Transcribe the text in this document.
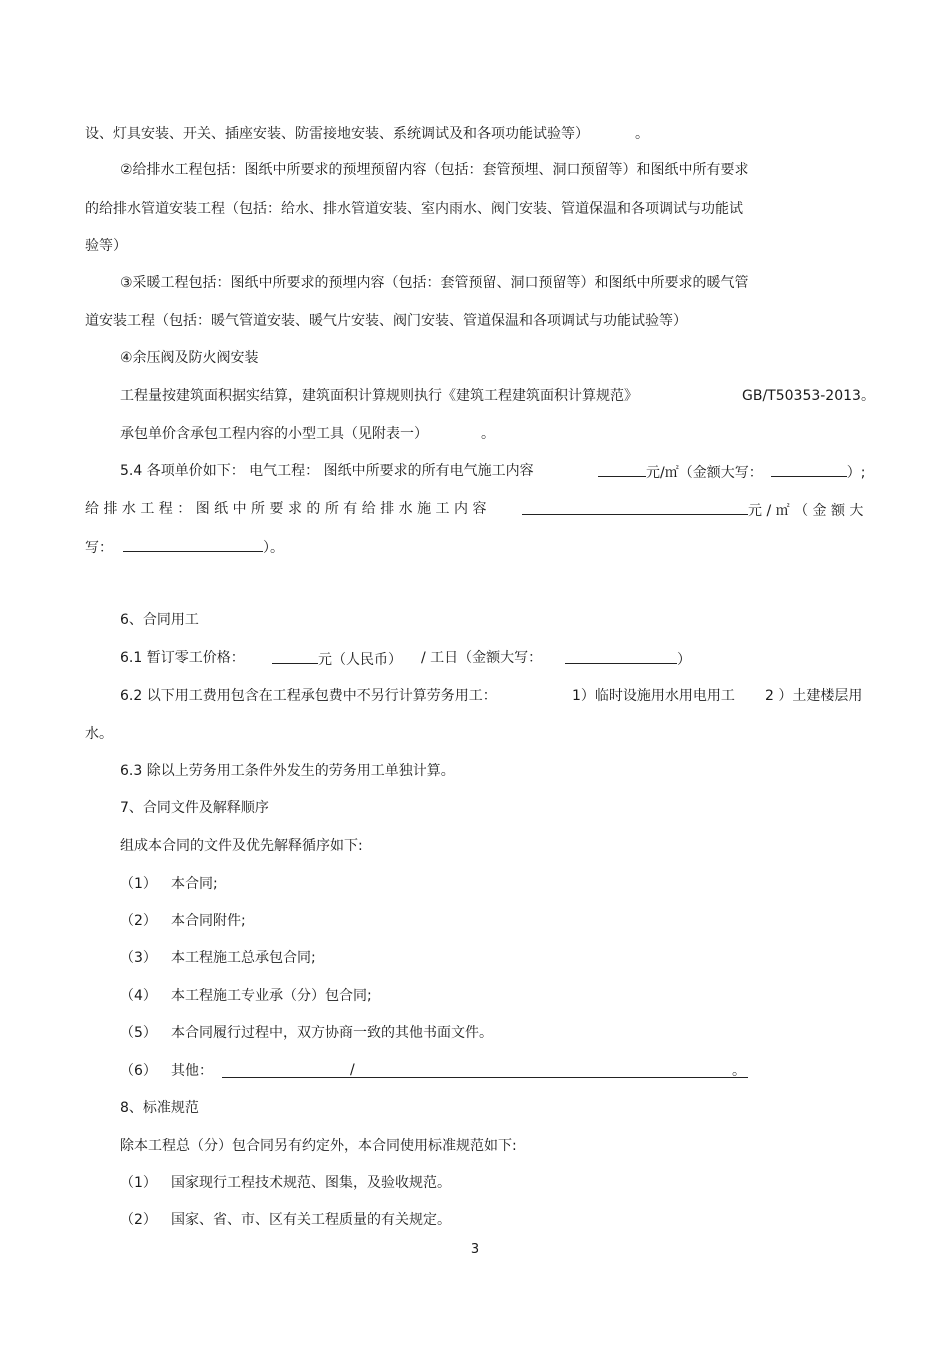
设、灯具安装、开关、插座安装、防雷接地安装、系统调试及和各项功能试验等）	。
②给排水工程包括：图纸中所要求的预埋预留内容（包括：套管预埋、洞口预留等）和图纸中所有要求
的给排水管道安装工程（包括：给水、排水管道安装、室内雨水、阀门安装、管道保温和各项调试与功能试
验等）
③采暖工程包括：图纸中所要求的预埋内容（包括：套管预留、洞口预留等）和图纸中所要求的暖气管
道安装工程（包括：暖气管道安装、暖气片安装、阀门安装、管道保温和各项调试与功能试验等）
④余压阀及防火阀安装
工程量按建筑面积据实结算，建筑面积计算规则执行《建筑工程建筑面积计算规范》	GB/T50353-2013。
承包单价含承包工程内容的小型工具（见附表一）	。
5.4 各项单价如下： 电气工程： 图纸中所要求的所有电气施工内容	元/㎡（金额大写：	）;
给 排 水 工 程 ： 图 纸 中 所 要 求 的 所 有 给 排 水 施 工 内 容	元 / ㎡ （ 金 额 大
写：	）。
6、合同用工
6.1 暂订零工价格：	元（人民币） / 工日（金额大写：	）
6.2 以下用工费用包含在工程承包费中不另行计算劳务用工：	1）临时设施用水用电用工 2 ）土建楼层用
水。
6.3 除以上劳务用工条件外发生的劳务用工单独计算。
7、合同文件及解释顺序
组成本合同的文件及优先解释循序如下:
（1） 本合同;
（2） 本合同附件;
（3） 本工程施工总承包合同;
（4） 本工程施工专业承（分）包合同;
（5） 本合同履行过程中，双方协商一致的其他书面文件。
（6） 其他：	/	。
8、标准规范
除本工程总（分）包合同另有约定外，本合同使用标准规范如下:
（1） 国家现行工程技术规范、图集，及验收规范。
（2） 国家、省、市、区有关工程质量的有关规定。
3
